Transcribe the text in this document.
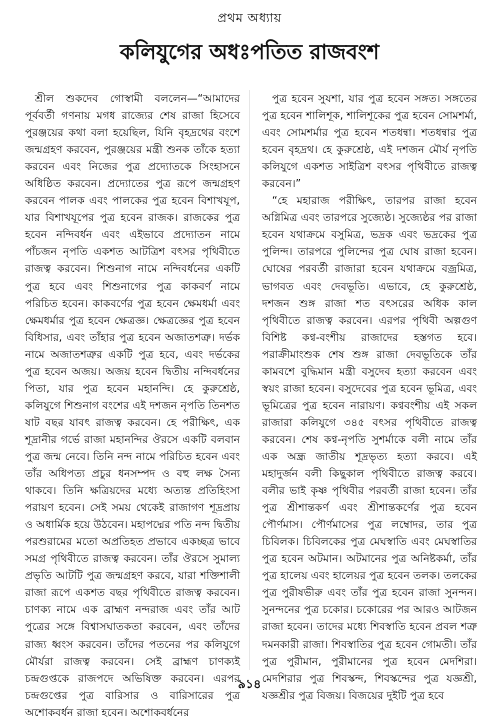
প্রথম অধ্যায়
কলিযুগের অধঃপতিত রাজবংশ

শ্রীল শুকদেব গোস্বামী বললেন—“আমাদের পূর্ববর্তী গণনায় মগধ রাজ্যের শেষ রাজা হিসেবে পুরঞ্জয়ের কথা বলা হয়েছিল, যিনি বৃহদ্রথের বংশে জন্মগ্রহণ করবেন, পুরঞ্জয়ের মন্ত্রী শুনক তাঁকে হত্যা করবেন এবং নিজের পুত্র প্রদ্যোতকে সিংহাসনে অধিষ্ঠিত করবেন। প্রদ্যোতের পুত্র রূপে জন্মগ্রহণ করবেন পালক এবং পালকের পুত্র হবেন বিশাখযূপ, যার বিশাখযূপের পুত্র হবেন রাজক। রাজকের পুত্র হবেন নন্দিবর্ধন এবং এইভাবে প্রদ্যোতন নামে পাঁচজন নৃপতি একশত আটত্রিশ বৎসর পৃথিবীতে রাজত্ব করবেন। শিশুনাগ নামে নন্দিবর্ধনের একটি পুত্র হবে এবং শিশুনাগের পুত্র কাকবর্ণ নামে পরিচিত হবেন। কাকবর্ণের পুত্র হবেন ক্ষেমধর্মা এবং ক্ষেমধর্মার পুত্র হবেন ক্ষেত্রজ্ঞ। ক্ষেত্রজ্ঞের পুত্র হবেন বিধিসার, এবং তাঁহার পুত্র হবেন অজাতশত্রু। দর্ভক নামে অজাতশত্রুর একটি পুত্র হবে, এবং দর্ভকের পুত্র হবেন অজয়। অজয় হবেন দ্বিতীয় নন্দিবর্ধনের পিতা, যার পুত্র হবেন মহানন্দি। হে কুরুশ্রেষ্ঠ, কলিযুগে শিশুনাগ বংশের এই দশজন নৃপতি তিনশত ষাট বছর যাবৎ রাজত্ব করবেন। হে পরীক্ষিৎ, এক শূদ্রানীর গর্ভে রাজা মহানন্দির ঔরসে একটি বলবান পুত্র জন্ম নেবে। তিনি নন্দ নামে পরিচিত হবেন এবং তাঁর অধিপত্য প্রচুর ধনসম্পদ ও বহু লক্ষ সৈন্য থাকবে। তিনি ক্ষত্রিয়দের মধ্যে অত্যন্ত প্রতিহিংসা পরায়ণ হবেন। সেই সময় থেকেই রাজাগণ শূদ্রপ্রায় ও অধার্মিক হয়ে উঠবেন। মহাপদ্মের পতি নন্দ দ্বিতীয় পরশুরামের মতো অপ্রতিহত প্রভাবে একচ্ছত্র ভাবে সমগ্র পৃথিবীতে রাজত্ব করবেন। তাঁর ঔরসে সুমাল্য প্রভৃতি আটটি পুত্র জন্মগ্রহণ করবে, যারা শক্তিশালী রাজা রূপে একশত বছর পৃথিবীতে রাজত্ব করবেন। চাণক্য নামে এক ব্রাহ্মণ নন্দরাজ এবং তাঁর আট পুত্রের সঙ্গে বিশ্বাসঘাতকতা করবেন, এবং তাঁদের রাজ্য ধ্বংস করবেন। তাঁদের পতনের পর কলিযুগে মৌর্যরা রাজত্ব করবেন। সেই ব্রাহ্মণ চাণক্যই চন্দ্রগুপ্তকে রাজপদে অভিষিক্ত করবেন। এরপর চন্দ্রগুপ্তের পুত্র বারিসার ও বারিসারের পুত্র অশোকবর্ধন রাজা হবেন। অশোকবর্ধনের

পুত্র হবেন সুযশা, যার পুত্র হবেন সঙ্গত। সঙ্গতের পুত্র হবেন শালিশূক, শালিশূকের পুত্র হবেন সোমশর্মা, এবং সোমশর্মার পুত্র হবেন শতধন্বা। শতধন্বার পুত্র হবেন বৃহদ্রথ। হে কুরুশ্রেষ্ঠ, এই দশজন মৌর্য নৃপতি কলিযুগে একশত সাইত্রিশ বৎসর পৃথিবীতে রাজত্ব করবেন।”

“হে মহারাজ পরীক্ষিৎ, তারপর রাজা হবেন অগ্নিমিত্র এবং তারপরে সুজ্যেষ্ঠ। সুজ্যেষ্ঠর পর রাজা হবেন যথাক্রমে বসুমিত্র, ভদ্রক এবং ভদ্রকের পুত্র পুলিন্দ। তারপরে পুলিন্দের পুত্র ঘোষ রাজা হবেন। ঘোষের পরবর্তী রাজারা হবেন যথাক্রমে বজ্রমিত্র, ভাগবত এবং দেবভূতি। এভাবে, হে কুরুশ্রেষ্ঠ, দশজন শুঙ্গ রাজা শত বৎসরের অধিক কাল পৃথিবীতে রাজত্ব করবেন। এরপর পৃথিবী অল্পগুণ বিশিষ্ট কণ্ব-বংশীয় রাজাদের হস্তগত হবে। পরাক্রীমাংশুক শেষ শুঙ্গ রাজা দেবভূতিকে তাঁর কামবশে বুদ্ধিমান মন্ত্রী বসুদেব হত্যা করবেন এবং স্বয়ং রাজা হবেন। বসুদেবের পুত্র হবেন ভূমিত্র, এবং ভূমিত্রের পুত্র হবেন নারায়ণ। কণ্ববংশীয় এই সকল রাজারা কলিযুগে ৩৪৫ বৎসর পৃথিবীতে রাজত্ব করবেন। শেষ কণ্ব-নৃপতি সুশর্মাকে বলী নামে তাঁর এক অন্ধ্র জাতীয় শূদ্রভৃত্য হত্যা করবে। এই মহাদুর্জন বলী কিছুকাল পৃথিবীতে রাজত্ব করবে। বলীর ভাই কৃষ্ণ পৃথিবীর পরবর্তী রাজা হবেন। তাঁর পুত্র শ্রীশান্তকর্ণ এবং শ্রীশান্তকর্ণের পুত্র হবেন পৌর্ণমাস। পৌর্ণমাসের পুত্র লম্বোদর, তার পুত্র চিবিলক। চিবিলকের পুত্র মেঘস্বাতি এবং মেঘস্বাতির পুত্র হবেন অটমান। অটমানের পুত্র অনিষ্টকর্মা, তাঁর পুত্র হালেয় এবং হালেয়র পুত্র হবেন তলক। তলকের পুত্র পুরীষভীরু এবং তাঁর পুত্র হবেন রাজা সুনন্দন। সুনন্দনের পুত্র চকোর। চকোরের পর আরও আটজন রাজা হবেন। তাদের মধ্যে শিবস্বাতি হবেন প্রবল শত্রু দমনকারী রাজা। শিবস্বাতির পুত্র হবেন গোমতী। তাঁর পুত্র পুরীমান, পুরীমানের পুত্র হবেন মেদশিরা। মেদশিরার পুত্র শিবস্কন্দ, শিবস্কন্দের পুত্র যজ্ঞশ্রী, যজ্ঞশ্রীর পুত্র বিজয়। বিজয়ের দুইটি পুত্র হবে

৯১৪
